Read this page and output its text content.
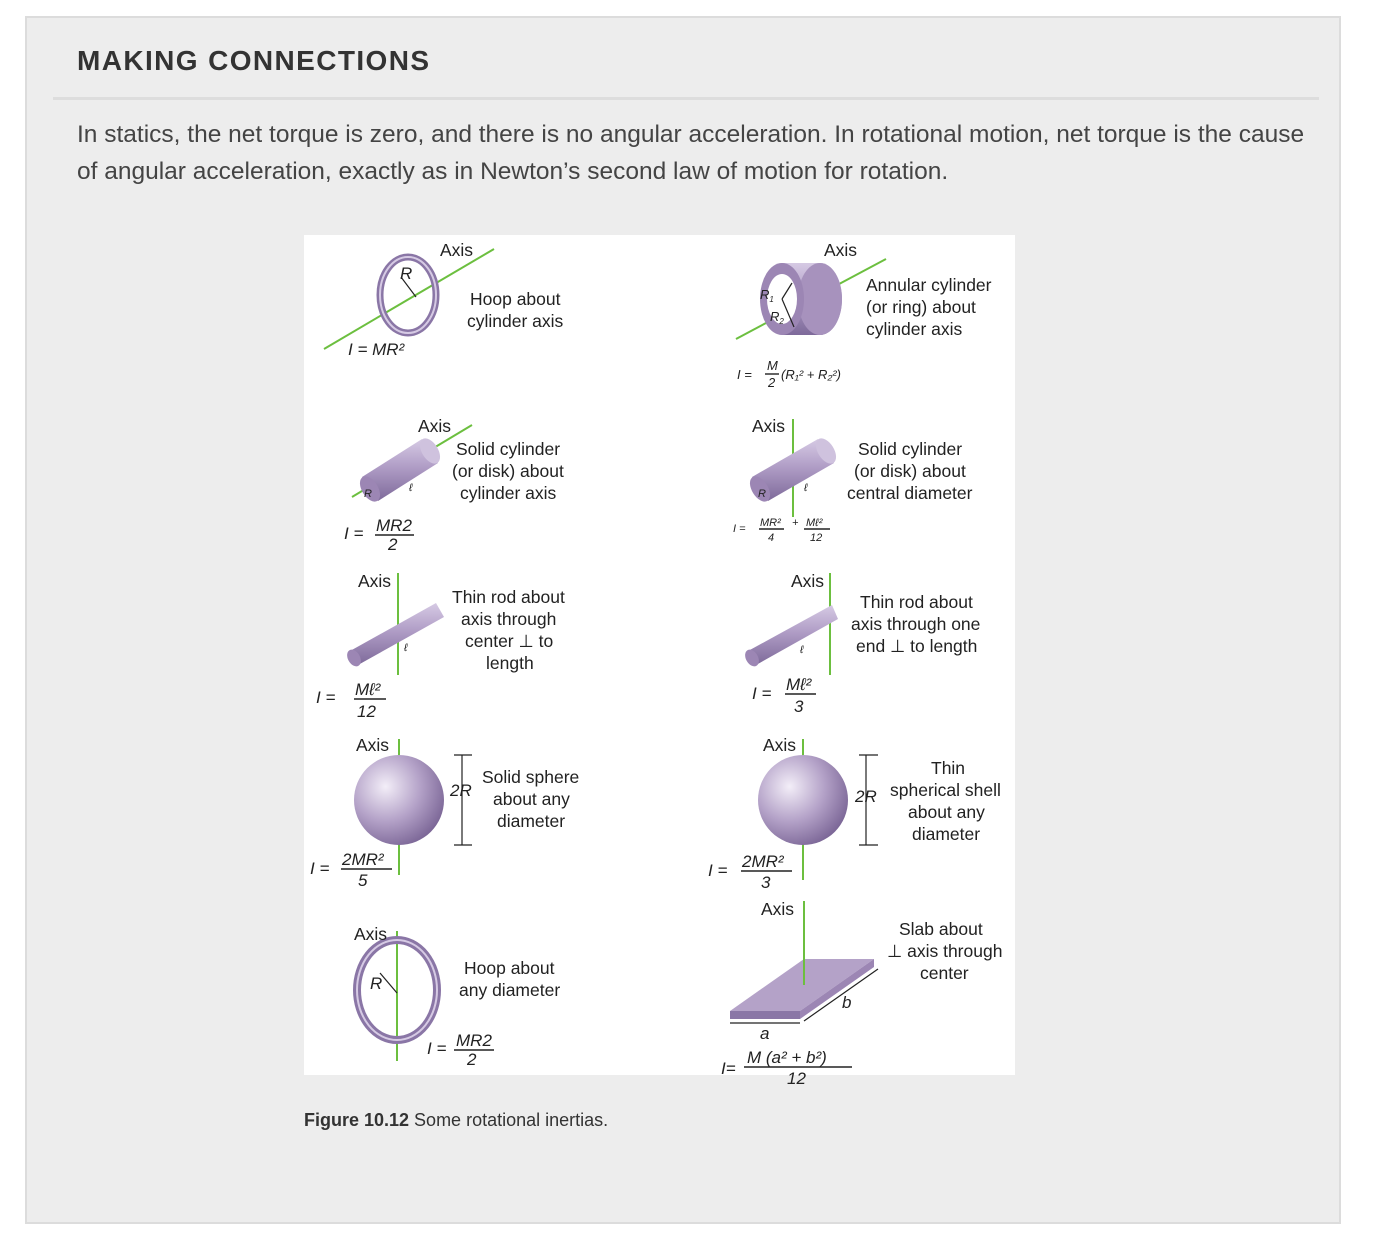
MAKING CONNECTIONS

In statics, the net torque is zero, and there is no angular acceleration. In rotational motion, net torque is the cause of angular acceleration, exactly as in Newton’s second law of motion for rotation.

R
Axis
Hoop about
cylinder axis
I = MR²
$R_1$
$R_2$
Axis
Annular cylinder
(or ring) about
cylinder axis
I =
M
2
(R₁² + R₂²)
R	ℓ
Axis
Solid cylinder
(or disk) about
cylinder axis
I = MR2
2
R	ℓ
Axis
Solid cylinder
(or disk) about
central diameter
I = MR²
4
+ Mℓ²
12
ℓ
Axis
Thin rod about
axis through
center ⊥ to
length
I = Mℓ²
12
ℓ
Axis
Thin rod about
axis through one
end ⊥ to length
I = Mℓ²
3
2R
Axis
Solid sphere
about any
diameter
I = 2MR²
5
2R
Axis
Thin
spherical shell
about any
diameter
I = 2MR²
3
R
Axis
Hoop about
any diameter
I = MR2
2
a
b
Axis
Slab about
⊥ axis through
center
I=
M (a² + b²)
12

Figure 10.12 Some rotational inertias.
